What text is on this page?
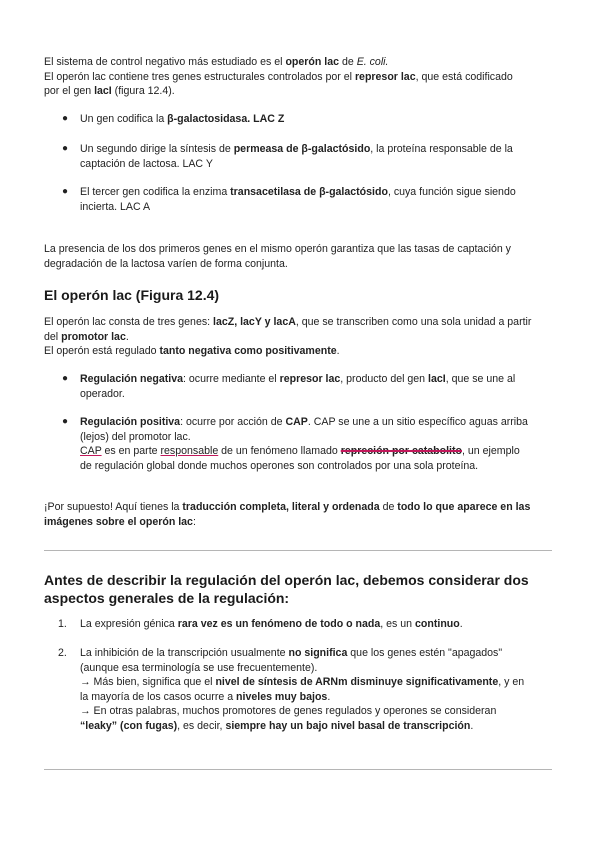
El sistema de control negativo más estudiado es el operón lac de E. coli.
El operón lac contiene tres genes estructurales controlados por el represor lac, que está codificado
por el gen lacI (figura 12.4).
● Un gen codifica la β-galactosidasa. LAC Z
● Un segundo dirige la síntesis de permeasa de β-galactósido, la proteína responsable de la
captación de lactosa. LAC Y
● El tercer gen codifica la enzima transacetilasa de β-galactósido, cuya función sigue siendo
incierta. LAC A
La presencia de los dos primeros genes en el mismo operón garantiza que las tasas de captación y
degradación de la lactosa varíen de forma conjunta.
El operón lac (Figura 12.4)
El operón lac consta de tres genes: lacZ, lacY y lacA, que se transcriben como una sola unidad a partir
del promotor lac.
El operón está regulado tanto negativa como positivamente.
● Regulación negativa: ocurre mediante el represor lac, producto del gen lacI, que se une al
operador.
● Regulación positiva: ocurre por acción de CAP. CAP se une a un sitio específico aguas arriba
(lejos) del promotor lac.
CAP es en parte responsable de un fenómeno llamado repreción por catabolito, un ejemplo
de regulación global donde muchos operones son controlados por una sola proteína.
¡Por supuesto! Aquí tienes la traducción completa, literal y ordenada de todo lo que aparece en las
imágenes sobre el operón lac:
Antes de describir la regulación del operón lac, debemos considerar dos
aspectos generales de la regulación:
1. La expresión génica rara vez es un fenómeno de todo o nada, es un continuo.
2. La inhibición de la transcripción usualmente no significa que los genes estén "apagados"
(aunque esa terminología se use frecuentemente).
→ Más bien, significa que el nivel de síntesis de ARNm disminuye significativamente, y en
la mayoría de los casos ocurre a niveles muy bajos.
→ En otras palabras, muchos promotores de genes regulados y operones se consideran
“leaky” (con fugas), es decir, siempre hay un bajo nivel basal de transcripción.
